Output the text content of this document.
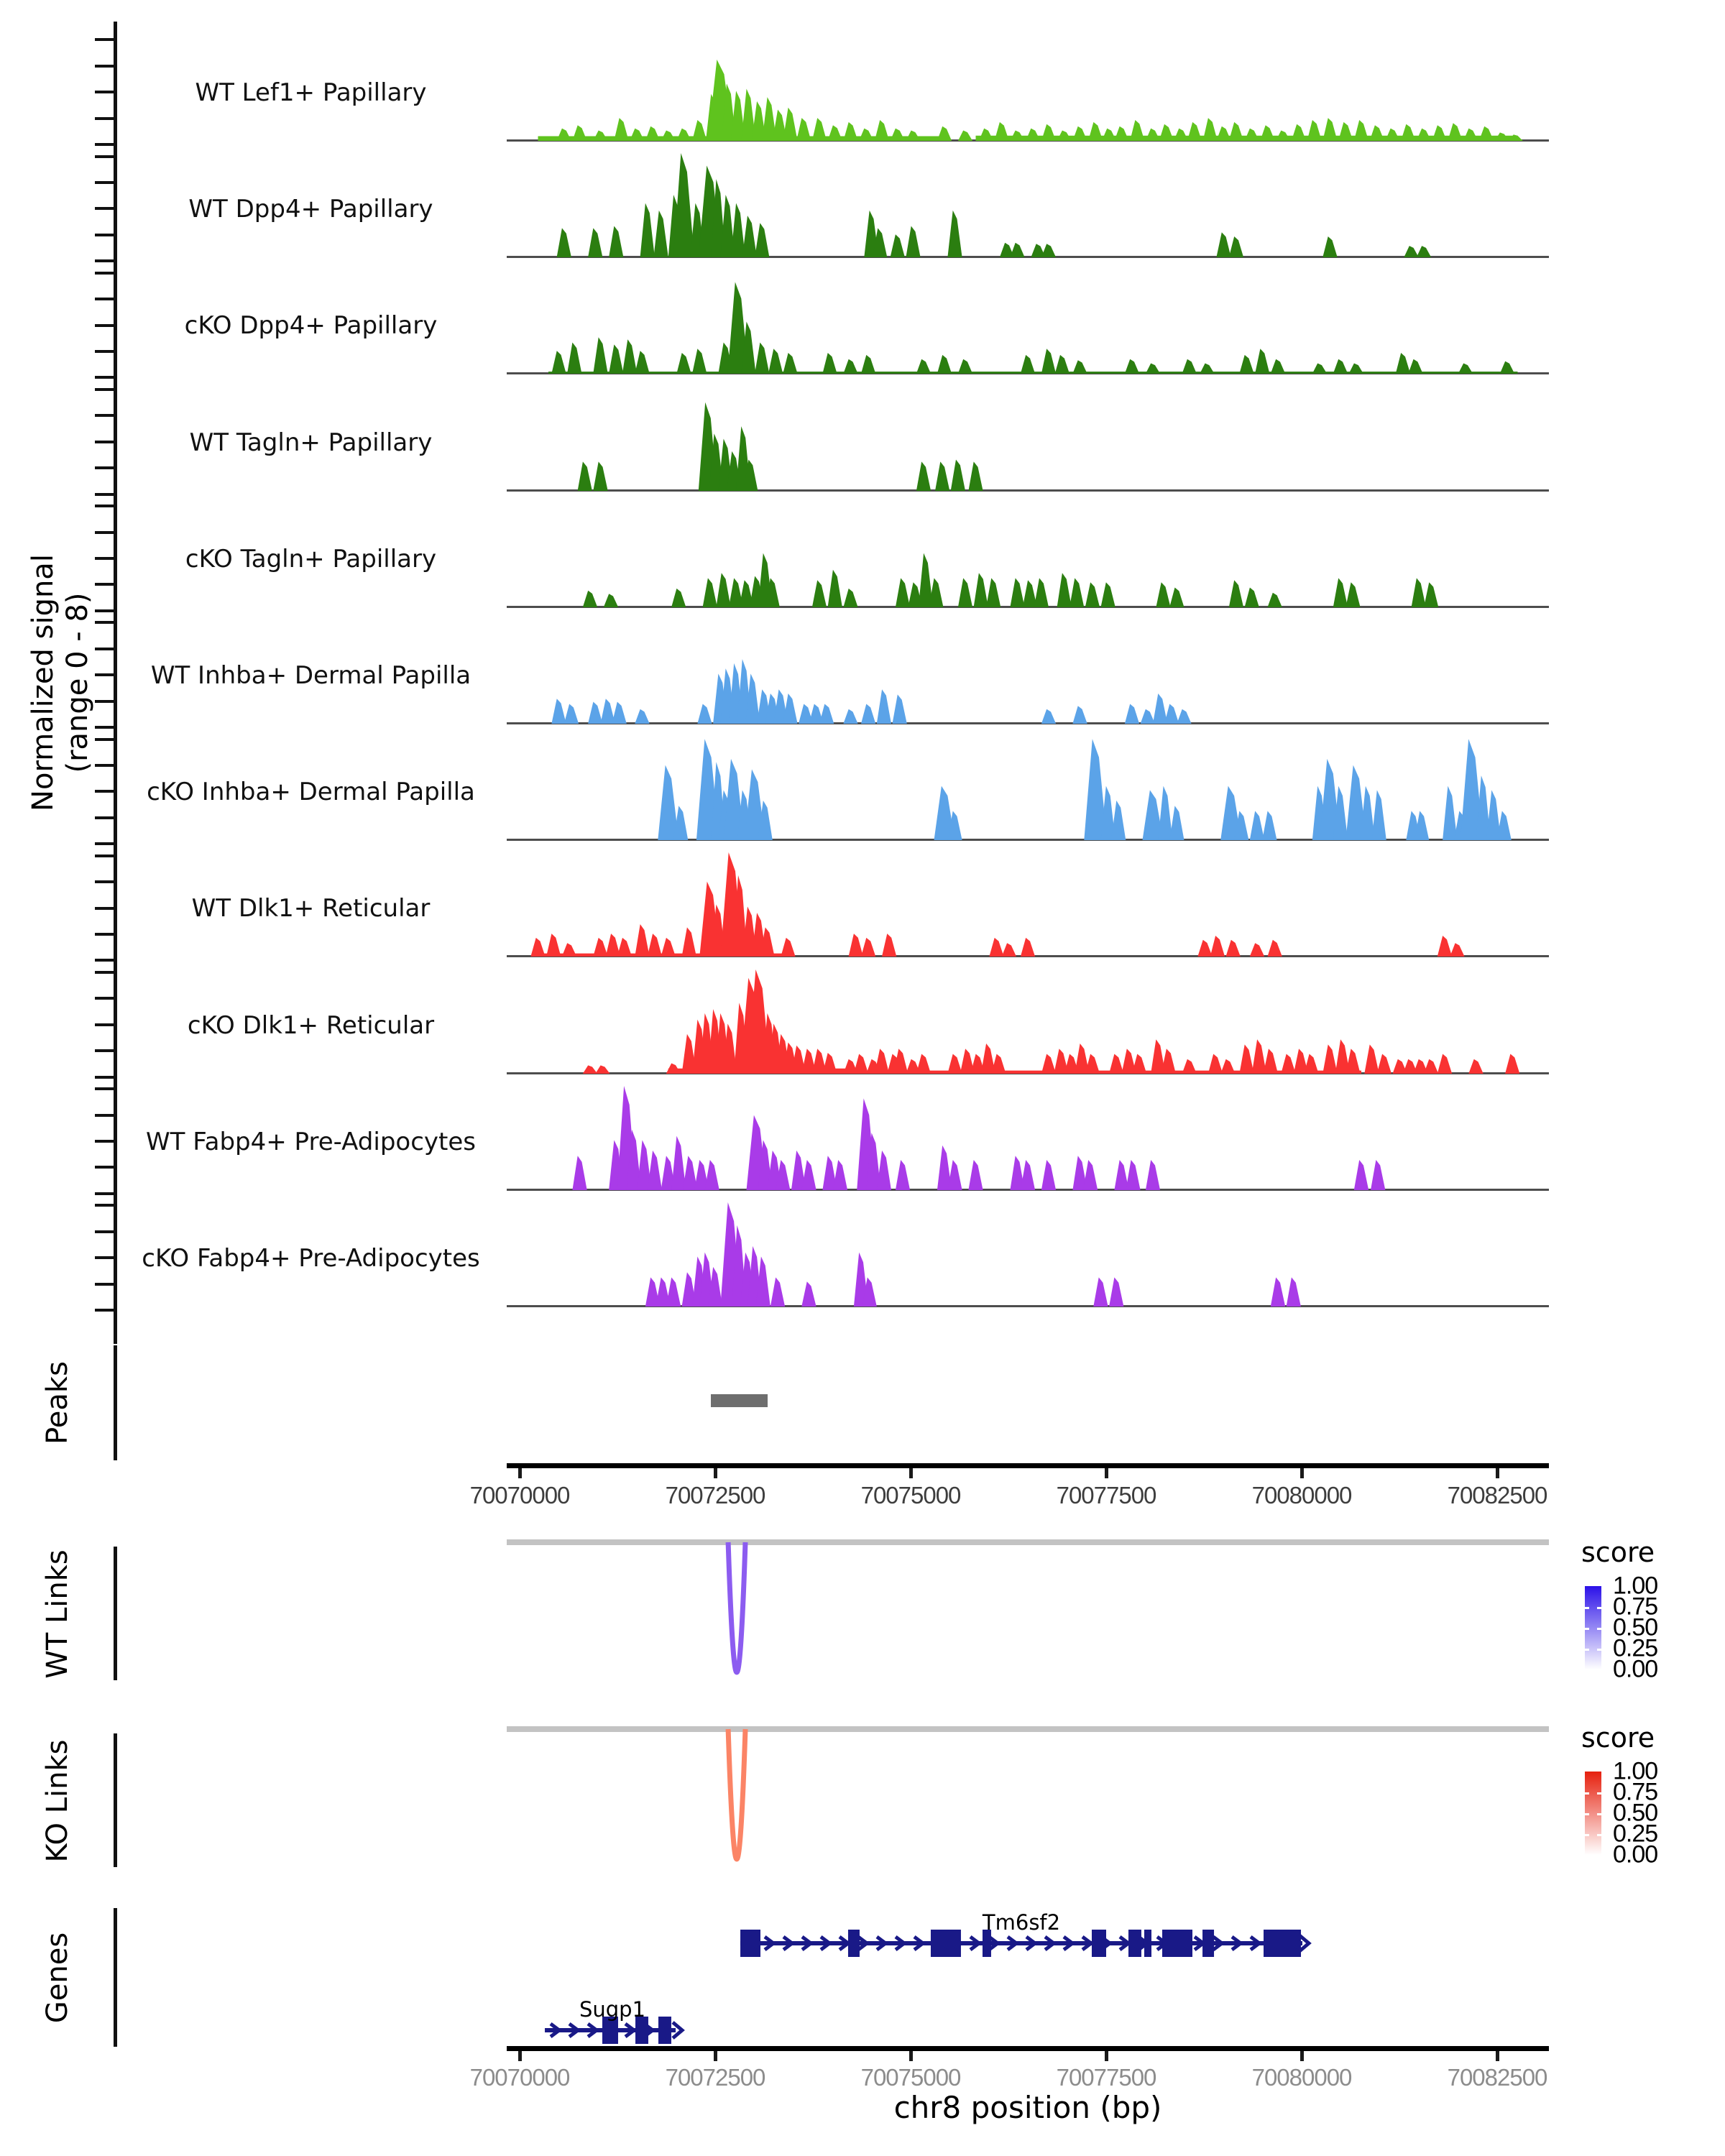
Normalized signal (range 0 - 8)
WT Lef1+ Papillary
WT Dpp4+ Papillary
cKO Dpp4+ Papillary
WT Tagln+ Papillary
cKO Tagln+ Papillary
WT Inhba+ Dermal Papilla
cKO Inhba+ Dermal Papilla
WT Dlk1+ Reticular
cKO Dlk1+ Reticular
WT Fabp4+ Pre-Adipocytes
cKO Fabp4+ Pre-Adipocytes
Peaks
70070000	70072500	70075000	70077500	70080000	70082500
WT Links	score
1.00
0.75
0.50
0.25
0.00
KO Links
score
1.00
0.75
0.50
0.25
0.00
Genes
Tm6sf2
Sugp1
70070000	70072500	70075000	70077500	70080000	70082500
chr8 position (bp)
